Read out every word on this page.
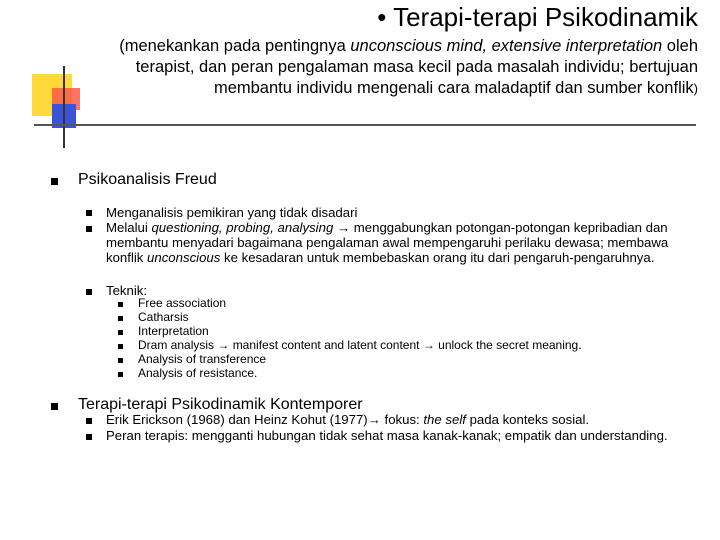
• Terapi-terapi Psikodinamik
(menekankan pada pentingnya unconscious mind, extensive interpretation oleh terapist, dan peran pengalaman masa kecil pada masalah individu; bertujuan membantu individu mengenali cara maladaptif dan sumber konflik)
Psikoanalisis Freud
Menganalisis pemikiran yang tidak disadari
Melalui questioning, probing, analysing → menggabungkan potongan-potongan kepribadian dan membantu menyadari bagaimana pengalaman awal mempengaruhi perilaku dewasa; membawa konflik unconscious ke kesadaran untuk membebaskan orang itu dari pengaruh-pengaruhnya.
Teknik:
Free association
Catharsis
Interpretation
Dram analysis → manifest content and latent content → unlock the secret meaning.
Analysis of transference
Analysis of resistance.
Terapi-terapi Psikodinamik Kontemporer
Erik Erickson (1968) dan Heinz Kohut (1977)→ fokus: the self pada konteks sosial.
Peran terapis: mengganti hubungan tidak sehat masa kanak-kanak; empatik dan understanding.
